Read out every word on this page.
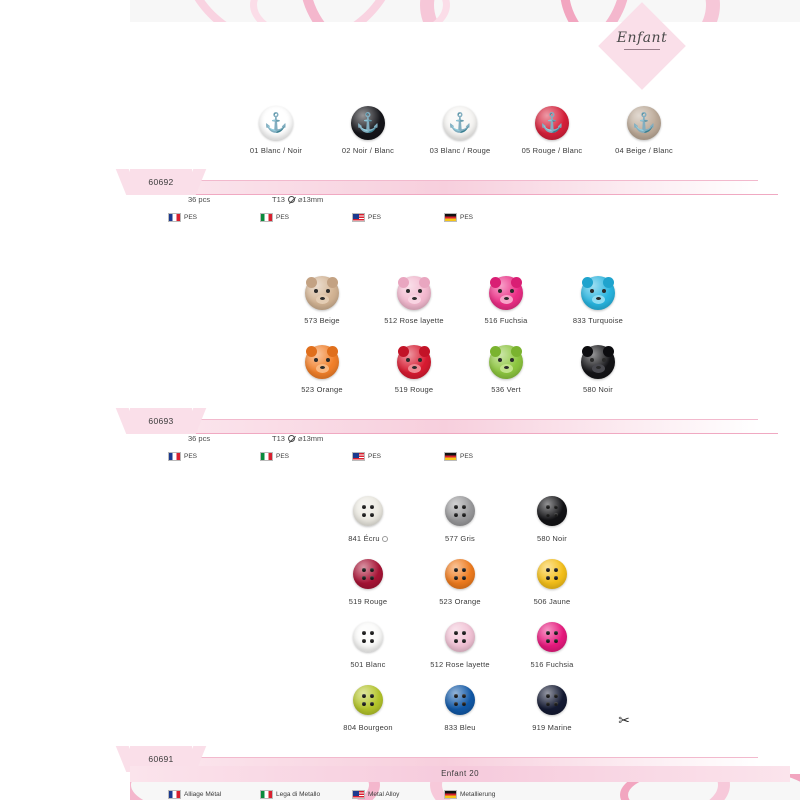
Enfant
⚓
01 Blanc / Noir
⚓
02 Noir / Blanc
⚓
03 Blanc / Rouge
⚓
05 Rouge / Blanc
⚓
04 Beige / Blanc
60692
36 pcs	T13 ⌀13mm
PES	PES	PES	PES
573 Beige	512 Rose layette	516 Fuchsia	833 Turquoise
523 Orange	519 Rouge	536 Vert	580 Noir
60693
36 pcs	T13 ⌀13mm
PES	PES	PES	PES
841 Écru	577 Gris	580 Noir
519 Rouge	523 Orange	506 Jaune
501 Blanc	512 Rose layette	516 Fuchsia
804 Bourgeon	833 Bleu	919 Marine
60691
Alliage Métal	Lega di Metallo	Metal Alloy	Metallierung
✂
Enfant 20
